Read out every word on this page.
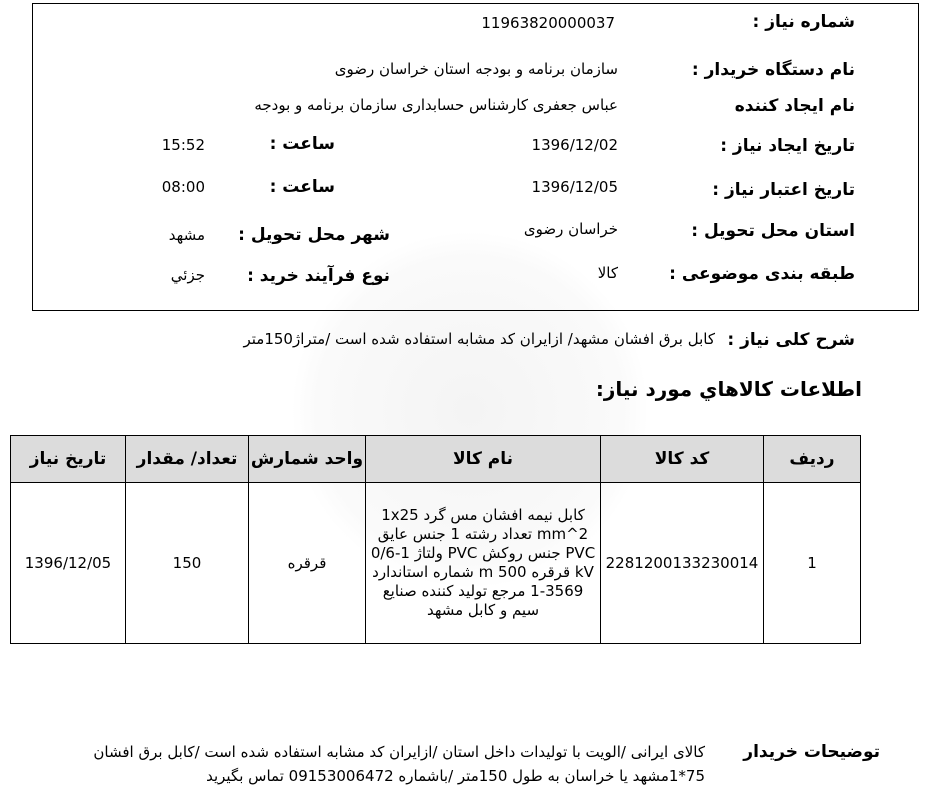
شماره نیاز :
11963820000037
نام دستگاه خریدار :
سازمان برنامه و بودجه استان خراسان رضوی
نام ایجاد کننده
عباس جعفری کارشناس حسابداری سازمان برنامه و بودجه
تاریخ ایجاد نیاز :
1396/12/02
ساعت :
15:52
تاریخ اعتبار نیاز :
1396/12/05
ساعت :
08:00
استان محل تحویل :
خراسان رضوی
شهر محل تحویل :
مشهد
طبقه بندی موضوعی :
کالا
نوع فرآیند خرید :
جزئي
شرح کلی نیاز :
کابل برق افشان مشهد/ ازایران کد مشابه استفاده شده است /متراژ150متر
اطلاعات کالاهاي مورد نیاز:
ردیف	کد کالا	نام کالا	واحد شمارش	تعداد/ مقدار	تاریخ نیاز
1	2281200133230014	کابل نیمه افشان مس گرد 1x25 mm^2 تعداد رشته 1 جنس عایق PVC جنس روکش PVC ولتاژ 1-0/6 kV قرقره 500 m شماره استاندارد 3569-1 مرجع تولید کننده صنایع سیم و کابل مشهد	قرقره	150	1396/12/05
توضیحات خریدار
کالای ایرانی /الویت با تولیدات داخل استان /ازایران کد مشابه استفاده شده است /کابل برق افشان 75*1مشهد یا خراسان به طول 150متر /باشماره 09153006472 تماس بگیرید
